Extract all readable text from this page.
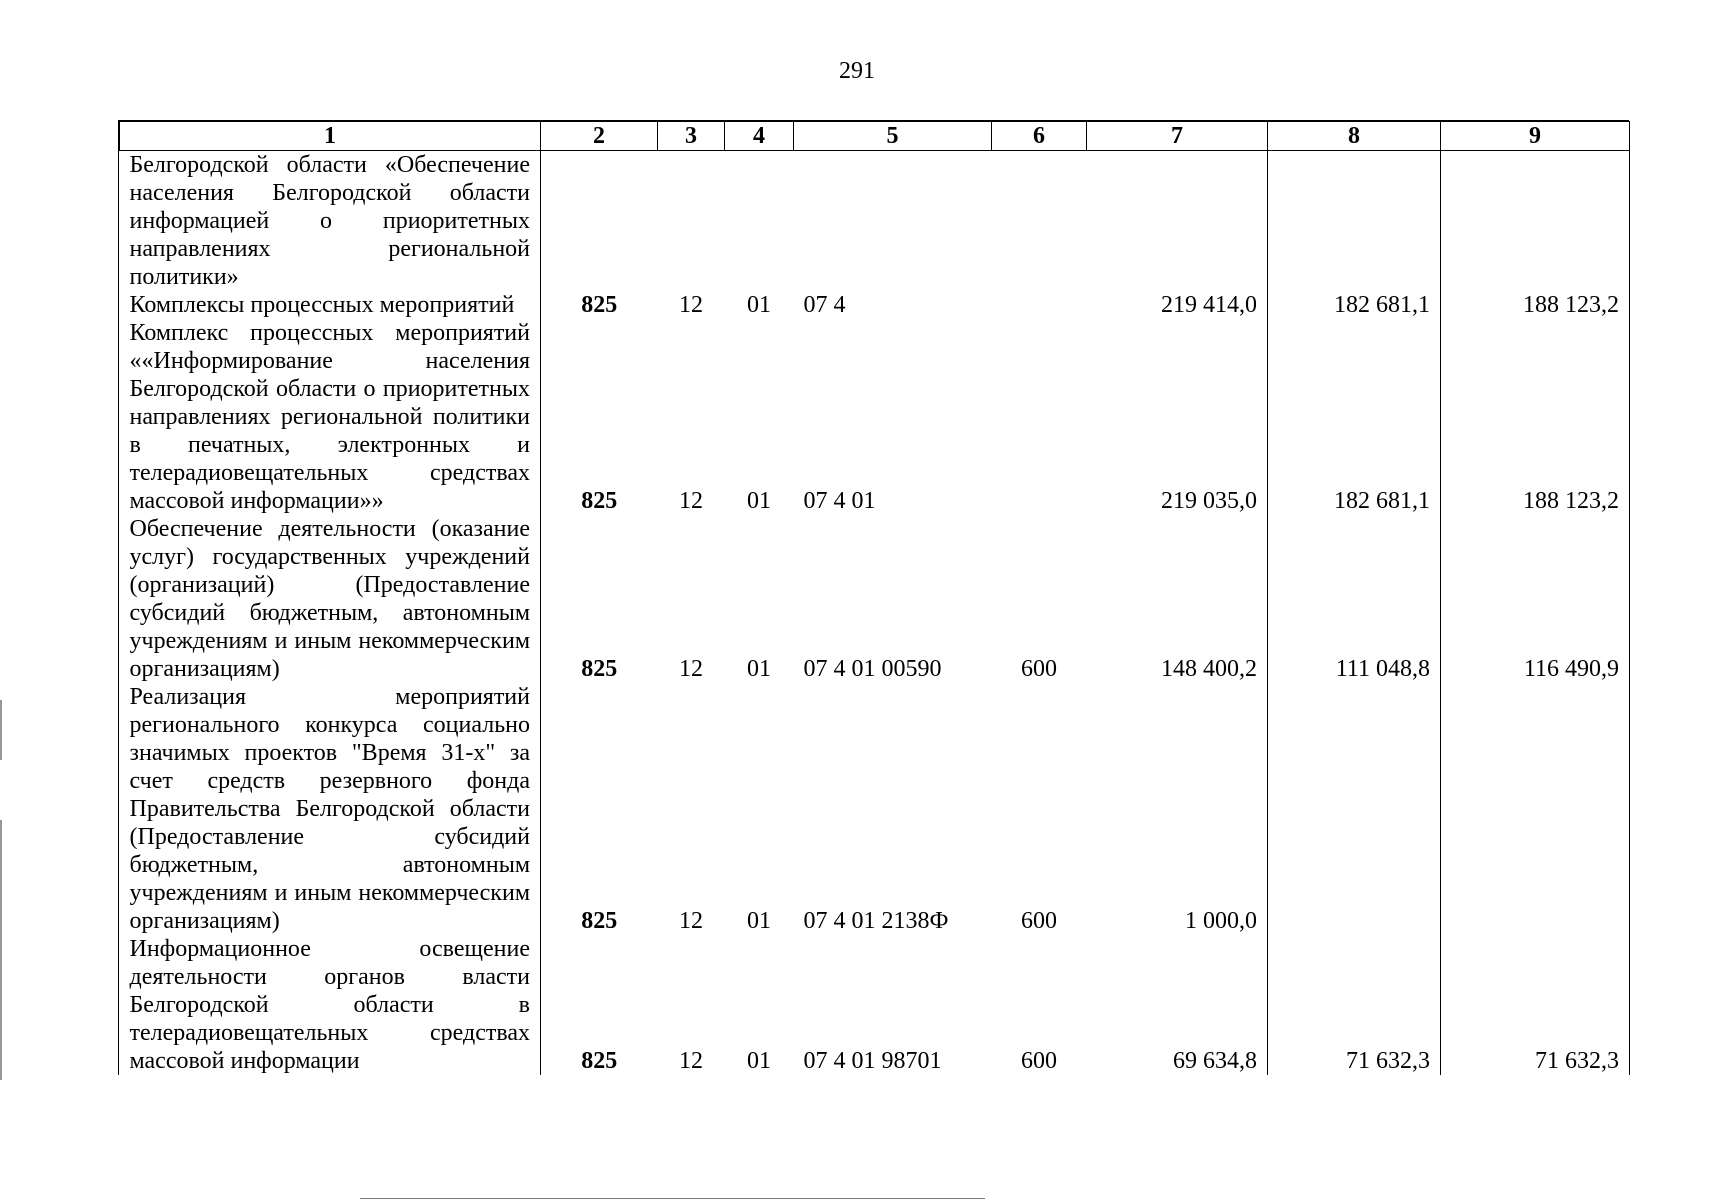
291
1	2	3	4	5	6	7	8	9
Белгородской области «Обеспечение населения Белгородской области информацией о приоритетных направлениях региональной политики»								
Комплексы процессных мероприятий	825	12	01	07 4		219 414,0	182 681,1	188 123,2
Комплекс процессных мероприятий ««Информирование населения Белгородской области о приоритетных направлениях региональной политики в печатных, электронных и телерадиовещательных средствах массовой информации»»	825	12	01	07 4 01		219 035,0	182 681,1	188 123,2
Обеспечение деятельности (оказание услуг) государственных учреждений (организаций) (Предоставление субсидий бюджетным, автономным учреждениям и иным некоммерческим организациям)	825	12	01	07 4 01 00590	600	148 400,2	111 048,8	116 490,9
Реализация мероприятий регионального конкурса социально значимых проектов "Время 31-х" за счет средств резервного фонда Правительства Белгородской области (Предоставление субсидий бюджетным, автономным учреждениям и иным некоммерческим организациям)	825	12	01	07 4 01 2138Ф	600	1 000,0		
Информационное освещение деятельности органов власти Белгородской области в телерадиовещательных средствах массовой информации	825	12	01	07 4 01 98701	600	69 634,8	71 632,3	71 632,3
